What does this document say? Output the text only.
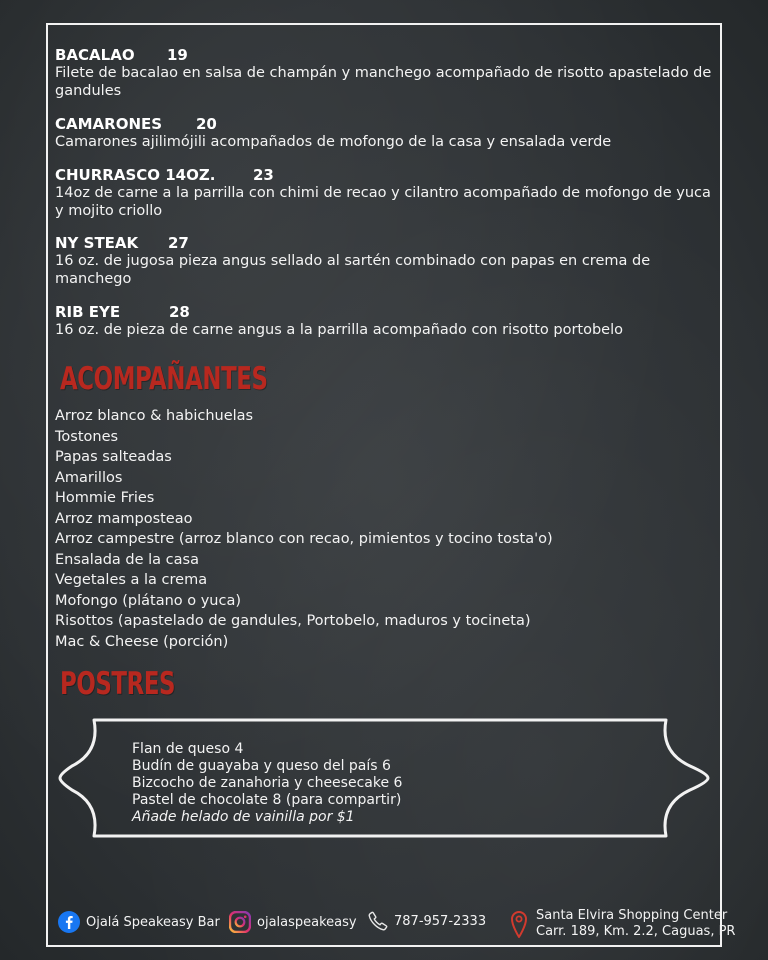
BACALAO	19
Filete de bacalao en salsa de champán y manchego acompañado de risotto apastelado de gandules
CAMARONES	20
Camarones ajilimójili acompañados de mofongo de la casa y ensalada verde
CHURRASCO 14OZ.	23
14oz de carne a la parrilla con chimi de recao y cilantro acompañado de mofongo de yuca y mojito criollo
NY STEAK	27
16 oz. de jugosa pieza angus sellado al sartén combinado con papas en crema de manchego
RIB EYE	28
16 oz. de pieza de carne angus a la parrilla acompañado con risotto portobelo
ACOMPAÑANTES
Arroz blanco & habichuelas
Tostones
Papas salteadas
Amarillos
Hommie Fries
Arroz mamposteao
Arroz campestre (arroz blanco con recao, pimientos y tocino tosta'o)
Ensalada de la casa
Vegetales a la crema
Mofongo (plátano o yuca)
Risottos (apastelado de gandules, Portobelo, maduros y tocineta)
Mac & Cheese (porción)
POSTRES
Flan de queso 4
Budín de guayaba y queso del país 6
Bizcocho de zanahoria y cheesecake 6
Pastel de chocolate 8 (para compartir)
Añade helado de vainilla por $1
Ojalá Speakeasy Bar	ojalaspeakeasy	787-957-2333	Santa Elvira Shopping Center
Carr. 189, Km. 2.2, Caguas, PR
